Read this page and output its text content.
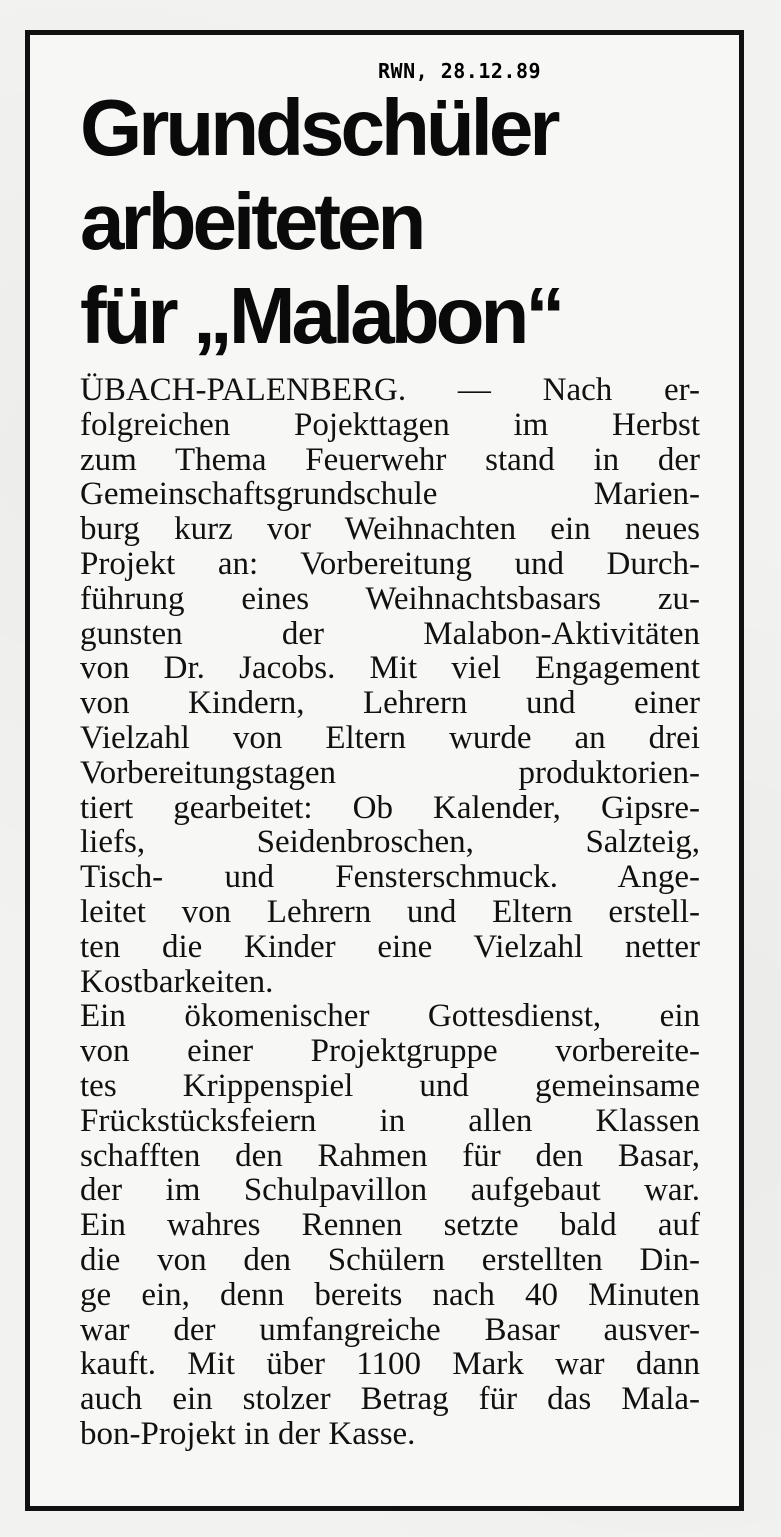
RWN, 28.12.89
Grundschüler
arbeiteten
für „Malabon“
ÜBACH-PALENBERG. — Nach er-
folgreichen Pojekttagen im Herbst
zum Thema Feuerwehr stand in der
Gemeinschaftsgrundschule Marien-
burg kurz vor Weihnachten ein neues
Projekt an: Vorbereitung und Durch-
führung eines Weihnachtsbasars zu-
gunsten der Malabon-Aktivitäten
von Dr. Jacobs. Mit viel Engagement
von Kindern, Lehrern und einer
Vielzahl von Eltern wurde an drei
Vorbereitungstagen produktorien-
tiert gearbeitet: Ob Kalender, Gipsre-
liefs, Seidenbroschen, Salzteig,
Tisch- und Fensterschmuck. Ange-
leitet von Lehrern und Eltern erstell-
ten die Kinder eine Vielzahl netter
Kostbarkeiten.
Ein ökomenischer Gottesdienst, ein
von einer Projektgruppe vorbereite-
tes Krippenspiel und gemeinsame
Frückstücksfeiern in allen Klassen
schafften den Rahmen für den Basar,
der im Schulpavillon aufgebaut war.
Ein wahres Rennen setzte bald auf
die von den Schülern erstellten Din-
ge ein, denn bereits nach 40 Minuten
war der umfangreiche Basar ausver-
kauft. Mit über 1100 Mark war dann
auch ein stolzer Betrag für das Mala-
bon-Projekt in der Kasse.
